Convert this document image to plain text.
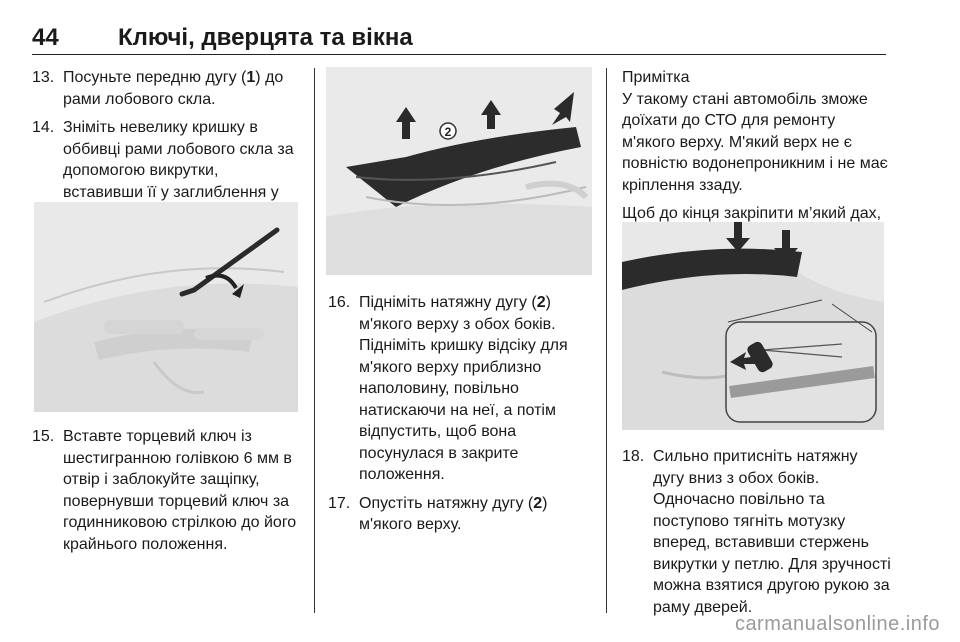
44 Ключі, дверцята та вікна
13. Посуньте передню дугу (1) до рами лобового скла.
14. Зніміть невелику кришку в оббивці рами лобового скла за допомогою викрутки, вставивши її у заглиблення у
15. Вставте торцевий ключ із шестигранною голівкою 6 мм в отвір і заблокуйте защіпку, повернувши торцевий ключ за годинниковою стрілкою до його крайнього положення.
2
16. Підніміть натяжну дугу (2) м'якого верху з обох боків. Підніміть кришку відсіку для м'якого верху приблизно наполовину, повільно натискаючи на неї, а потім відпустить, щоб вона посунулася в закрите положення.
17. Опустіть натяжну дугу (2) м'якого верху.

Примітка

У такому стані автомобіль зможе доїхати до СТО для ремонту м'якого верху. М'який верх не є повністю водонепроникним і не має кріплення ззаду.

Щоб до кінця закріпити м’який дах,

18. Сильно притисніть натяжну дугу вниз з обох боків. Одночасно повільно та поступово тягніть мотузку вперед, вставивши стержень викрутки у петлю. Для зручності можна взятися другою рукою за раму дверей.
carmanualsonline.info
